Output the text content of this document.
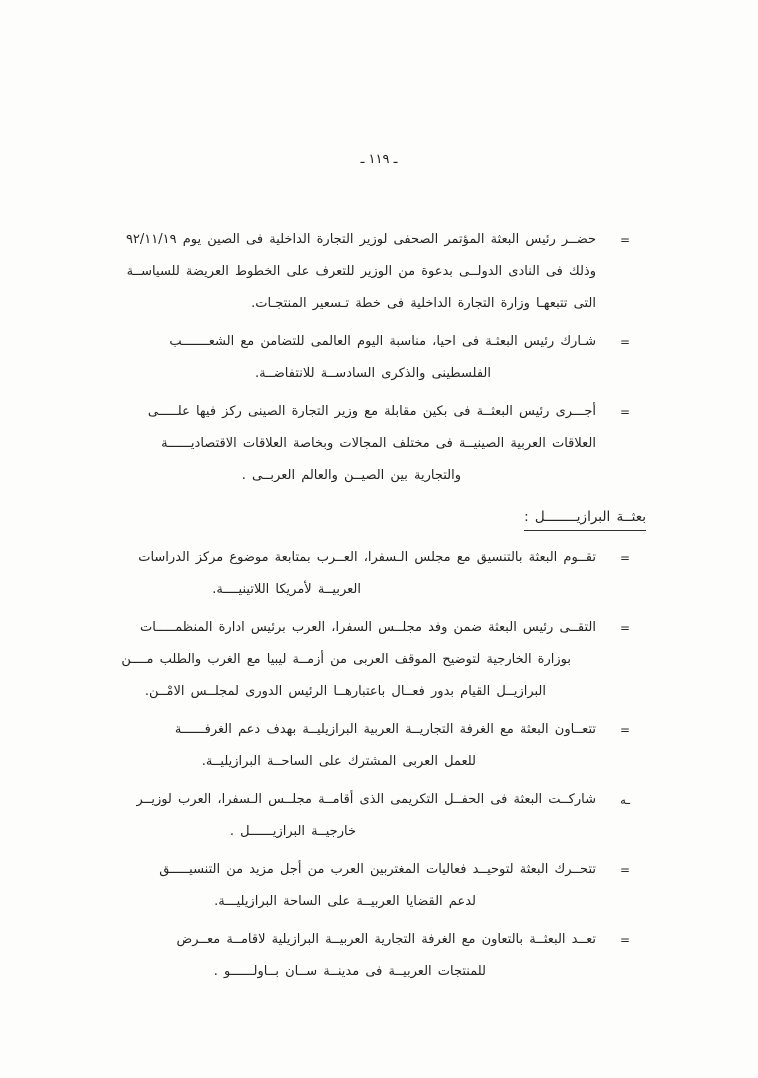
ـ ١١٩ ـ
=
حضــر رئيس البعثة المؤتمر الصحفى لوزير التجارة الداخلية فى الصين يوم ٩٢/١١/١٩
وذلك فى النادى الدولــى بدعوة من الوزير للتعرف على الخطوط العريضة للسياســة
التى تتبعهـا وزارة التجارة الداخلية فى خطة تـسعير المنتجـات.
=
شـارك رئيس البعثـة فى احيا، مناسبة اليوم العالمى للتضامن مع الشعـــــــب
الفلسطينى والذكرى السادســة للانتفاضــة.
=
أجـــرى رئيس البعثــة فى بكين مقابلة مع وزير التجارة الصينى ركز فيها علـــــى
العلاقات العربية الصينيــة فى مختلف المجالات وبخاصة العلاقات الاقتصاديــــــة
والتجارية بين الصيــن والعالم العربــى .
بعثــة البرازيــــــــل :
=
تقــوم البعثة بالتنسيق مع مجلس الـسفرا، العــرب بمتابعة موضوع مركز الدراسات
العربيــة لأمريكا اللاتينيــــة.
=
التقــى رئيس البعثة ضمن وفد مجلــس السفرا، العرب برئيس ادارة المنظمـــــات
بوزارة الخارجية لتوضيح الموقف العربى من أزمــة ليبيا مع الغرب والطلب مــــن
البرازيــل القيام بدور فعــال باعتبارهــا الرئيس الدورى لمجلــس الامْــن.
=
تتعــاون البعثة مع الغرفة التجاريــة العربية البرازيليــة بهدف دعم الغرفــــــة
للعمل العربى المشترك على الساحــة البرازيليــة.
ـه
شاركــت البعثة فى الحفــل التكريمى الذى أقامــة مجلــس الـسفرا، العرب لوزيــر
خارجيــة البرازيــــــل .
=
تتحــرك البعثة لتوحيــد فعاليات المغتربين العرب من أجل مزيد من التنسيـــــق
لدعم القضايا العربيــة على الساحة البرازيليـــة.
=
تعــد البعثــة بالتعاون مع الغرفة التجارية العربيــة البرازيلية لاقامــة معــرض
للمنتجات العربيــة فى مدينــة ســان بــاولــــــو .
